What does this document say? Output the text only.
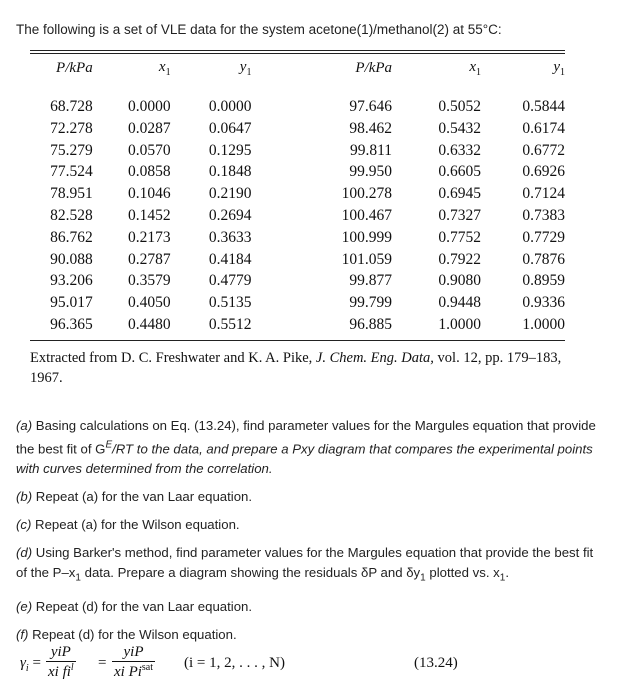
The following is a set of VLE data for the system acetone(1)/methanol(2) at 55°C:
P/kPa	$x_1$	$y_1$	P/kPa	$x_1$	$y_1$
68.728	0.0000	0.0000	97.646	0.5052	0.5844
72.278	0.0287	0.0647	98.462	0.5432	0.6174
75.279	0.0570	0.1295	99.811	0.6332	0.6772
77.524	0.0858	0.1848	99.950	0.6605	0.6926
78.951	0.1046	0.2190	100.278	0.6945	0.7124
82.528	0.1452	0.2694	100.467	0.7327	0.7383
86.762	0.2173	0.3633	100.999	0.7752	0.7729
90.088	0.2787	0.4184	101.059	0.7922	0.7876
93.206	0.3579	0.4779	99.877	0.9080	0.8959
95.017	0.4050	0.5135	99.799	0.9448	0.9336
96.365	0.4480	0.5512	96.885	1.0000	1.0000
Extracted from D. C. Freshwater and K. A. Pike, J. Chem. Eng. Data, vol. 12, pp. 179–183, 1967.

(a) Basing calculations on Eq. (13.24), find parameter values for the Margules equation that provide the best fit of $G^E/RT$ to the data, and prepare a Pxy diagram that compares the experimental points with curves determined from the correlation.

(b) Repeat (a) for the van Laar equation.

(c) Repeat (a) for the Wilson equation.

(d) Using Barker's method, find parameter values for the Margules equation that provide the best fit of the $P-x_1$ data. Prepare a diagram showing the residuals δP and $\delta y_1$ plotted vs. $x_1$.

(e) Repeat (d) for the van Laar equation.

(f) Repeat (d) for the Wilson equation.

$\gamma_i$ =
yiP
xi $fi^l$ =
yiP
xi $Pi^{sat}$ (i = 1, 2, . . . , N)	(13.24)
